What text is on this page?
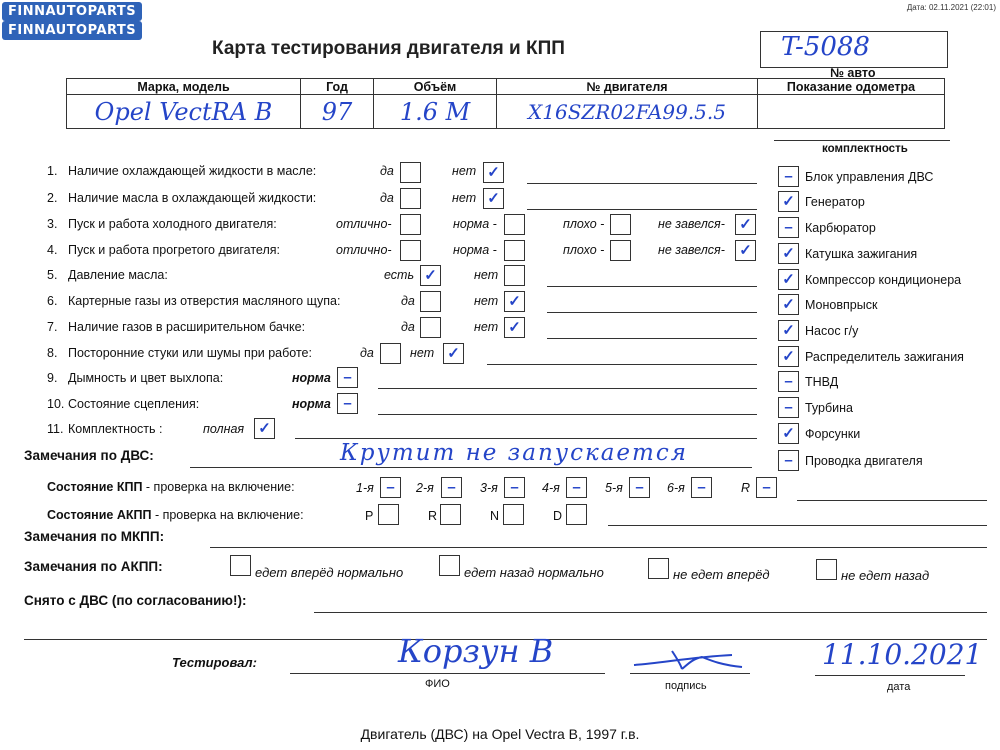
FINNAUTOPARTS
FINNAUTOPARTS
Дата: 02.11.2021 (22:01)
Карта тестирования двигателя и КПП	T-5088
№ авто
Марка, модель	Год	Объём	№ двигателя	Показание одометра
Opel VectRA B	97	1.6 M	X16SZR02FA99.5.5	
комплектность
1. Наличие охлаждающей жидкости в масле:	да	нет ✓
2. Наличие масла в охлаждающей жидкости:	да	нет ✓
3. Пуск и работа холодного двигателя:	отлично-	норма -	плохо -	не завелся- ✓
4. Пуск и работа прогретого двигателя:	отлично-	норма -	плохо -	не завелся- ✓
5. Давление масла:	есть ✓	нет
6. Картерные газы из отверстия масляного щупа:	да	нет ✓
7. Наличие газов в расширительном бачке:	да	нет ✓
8. Посторонние стуки или шумы при работе:	да	нет ✓
9. Дымность и цвет выхлопа:	норма –
10. Состояние сцепления:	норма –
11. Комплектность :	полная ✓
– Блок управления ДВС
✓ Генератор
– Карбюратор
✓ Катушка зажигания
✓ Компрессор кондиционера
✓ Моновпрыск
✓ Насос г/у
✓ Распределитель зажигания
– ТНВД
– Турбина
✓ Форсунки
– Проводка двигателя
Замечания по ДВС:	Крутит не запускается
Состояние КПП - проверка на включение:	1-я –	2-я –	3-я –	4-я –	5-я –	6-я –	R –
Состояние АКПП - проверка на включение:	P	R	N	D
Замечания по МКПП:
Замечания по АКПП:	едет вперёд нормально	едет назад нормально	не едет вперёд	не едет назад
Снято с ДВС (по согласованию!):
Тестировал:	Корзун В
ФИО	подпись
11.10.2021
дата
Двигатель (ДВС) на Opel Vectra B, 1997 г.в.
